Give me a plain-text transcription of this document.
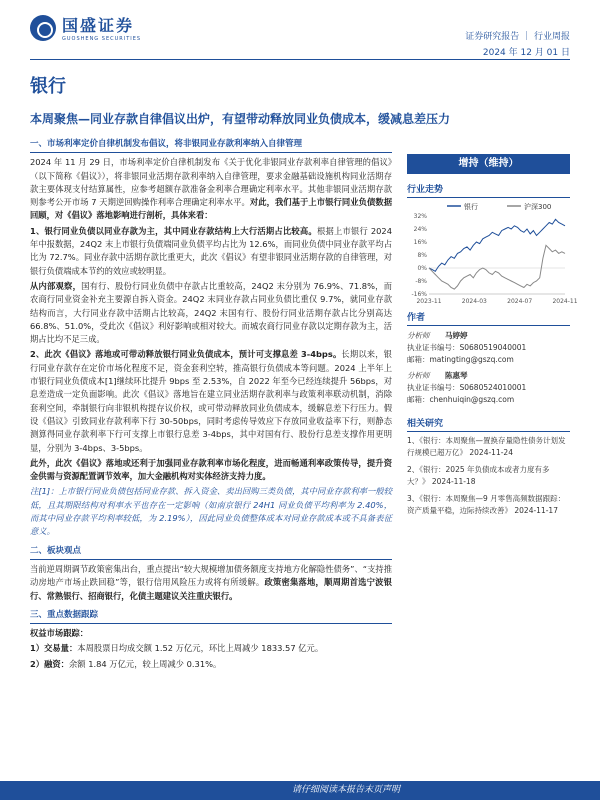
国盛证券
GUOSHENG SECURITIES	证券研究报告 ｜ 行业周报
2024 年 12 月 01 日
银行
本周聚焦—同业存款自律倡议出炉，有望带动释放同业负债成本，缓减息差压力
一、市场利率定价自律机制发布倡议，将非银同业存款利率纳入自律管理

2024 年 11 月 29 日，市场利率定价自律机制发布《关于优化非银同业存款利率自律管理的倡议》（以下简称《倡议》），将非银同业活期存款利率纳入自律管理，要求金融基础设施机构同业活期存款主要体现支付结算属性，应参考超额存款准备金利率合理确定利率水平。其他非银同业活期存款则参考公开市场 7 天期逆回购操作利率合理确定利率水平。对此，我们基于上市银行同业负债数据回顾，对《倡议》落地影响进行剖析，具体来看：

1、银行同业负债以同业存款为主，其中同业存款结构上大行活期占比较高。根据上市银行 2024 年中报数据，24Q2 末上市银行负债端同业负债平均占比为 12.6%，而同业负债中同业存款平均占比为 72.7%。同业存款中活期存款比重更大，此次《倡议》有望非银同业活期存款的自律管理，对银行负债端成本节约的效应或较明显。

从内部观察，国有行、股份行同业负债中存款占比重较高，24Q2 末分别为 76.9%、71.8%，而农商行同业资金补充主要源自拆入资金。24Q2 末同业存款占同业负债比重仅 9.7%，就同业存款结构而言，大行同业存款中活期占比较高，24Q2 末国有行、股份行同业活期存款占比分别高达 66.8%、51.0%，受此次《倡议》利好影响或相对较大。而城农商行同业存款以定期存款为主，活期占比均不足三成。

2、此次《倡议》落地或可带动释放银行同业负债成本，预计可支撑息差 3-4bps。长期以来，银行同业存款存在定价市场化程度不足，资金套利空转，推高银行负债成本等问题。2024 上半年上市银行同业负债成本[1]继续环比提升 9bps 至 2.53%，自 2022 年至今已经连续提升 56bps，对息差造成一定负面影响。此次《倡议》落地旨在建立同业活期存款利率与政策利率联动机制，消除套利空间，牵制银行向非银机构提存议价权，或可带动释放同业负债成本，缓解息差下行压力。假设《倡议》引致同业存款利率下行 30-50bps，同时考虑传导效应下存放同业收益率下行，则静态测算得同业存款利率下行可支撑上市银行息差 3-4bps，其中对国有行、股份行息差支撑作用更明显，分别为 3-4bps、3-5bps。

此外，此次《倡议》落地或还利于加强同业存款利率市场化程度，进而畅通利率政策传导，提升资金供需与资源配置调节效率，加大金融机构对实体经济支持力度。

注[1]：上市银行同业负债包括同业存款、拆入资金、卖出回购三类负债，其中同业存款利率一般较低，且其期限结构对利率水平也存在一定影响（如南京银行 24H1 同业负债平均利率为 2.40%，而其中同业存款平均利率较低，为 2.19%），因此同业负债整体成本对同业存款成本或不具备表征意义。

二、板块观点

当前逆周期调节政策密集出台，重点提出“较大规模增加债务额度支持地方化解隐性债务”、“支持推动房地产市场止跌回稳”等，银行信用风险压力或将有所缓解。政策密集落地，顺周期首选宁波银行、常熟银行、招商银行，化债主题建议关注重庆银行。

三、重点数据跟踪

权益市场跟踪：

1）交易量：本周股票日均成交额 1.52 万亿元，环比上周减少 1833.57 亿元。

2）融资：余额 1.84 万亿元，较上周减少 0.31%。

增持（维持）
行业走势
银行	沪深300
-16%
-8%
0%
8%
16%
24%
32%
2023-11	2024-03	2024-07	2024-11
作者
分析师	马婷婷
执业证书编号： S0680519040001
邮箱： matingting@gszq.com
分析师	陈惠琴
执业证书编号： S0680524010001
邮箱： chenhuiqin@gszq.com
相关研究
1、《银行：本周聚焦—置换存量隐性债务计划发行规模已超万亿》 2024-11-24
2、《银行：2025 年负债成本或者力度有多大？》 2024-11-18
3、《银行：本周聚焦—9 月零售高频数据跟踪：资产质量平稳，边际持续改善》 2024-11-17
请仔细阅读本报告末页声明
